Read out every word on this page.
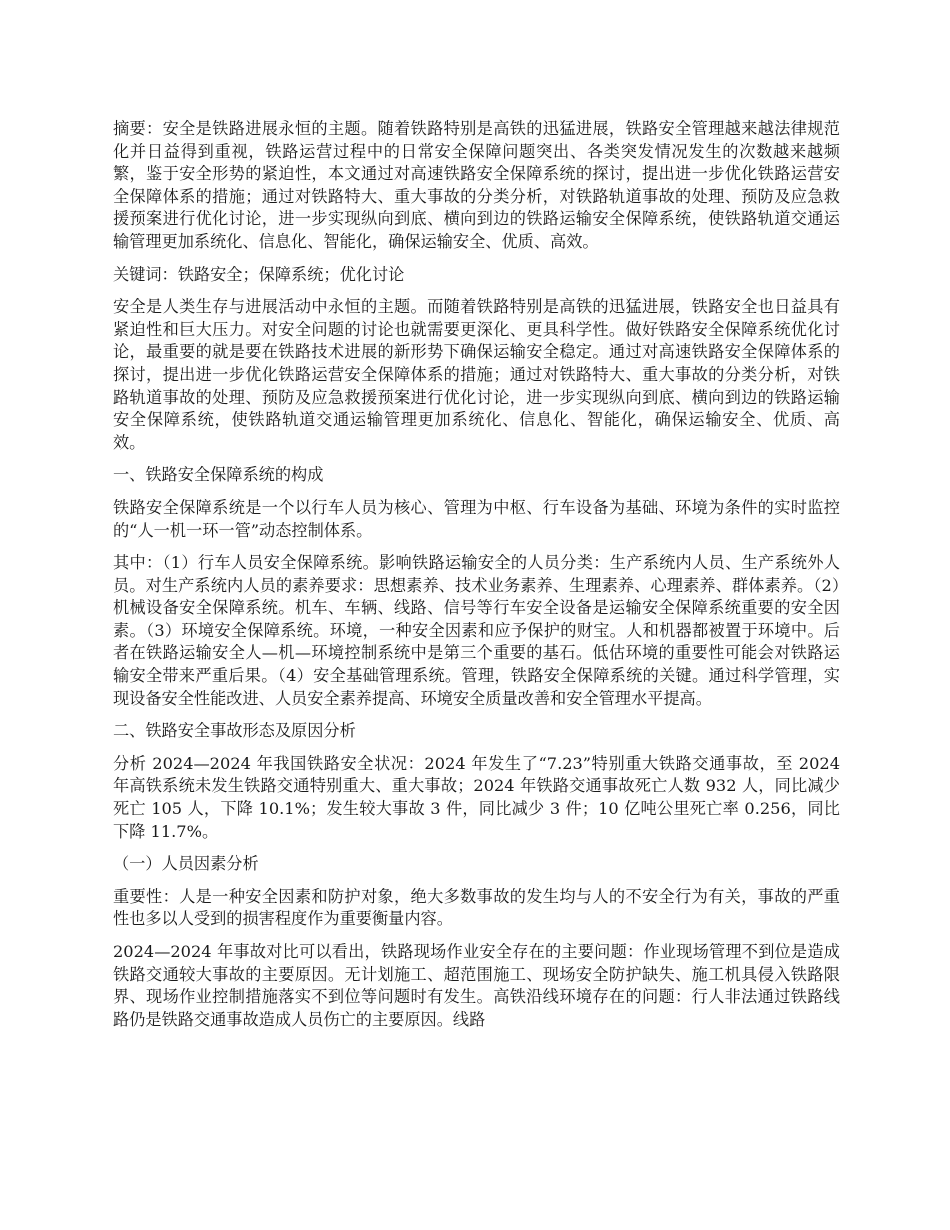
摘要：安全是铁路进展永恒的主题。随着铁路特别是高铁的迅猛进展，铁路安全管理越来越法律规范化并日益得到重视，铁路运营过程中的日常安全保障问题突出、各类突发情况发生的次数越来越频繁，鉴于安全形势的紧迫性，本文通过对高速铁路安全保障系统的探讨，提出进一步优化铁路运营安全保障体系的措施；通过对铁路特大、重大事故的分类分析，对铁路轨道事故的处理、预防及应急救援预案进行优化讨论，进一步实现纵向到底、横向到边的铁路运输安全保障系统，使铁路轨道交通运输管理更加系统化、信息化、智能化，确保运输安全、优质、高效。

关键词：铁路安全；保障系统；优化讨论

安全是人类生存与进展活动中永恒的主题。而随着铁路特别是高铁的迅猛进展，铁路安全也日益具有紧迫性和巨大压力。对安全问题的讨论也就需要更深化、更具科学性。做好铁路安全保障系统优化讨论，最重要的就是要在铁路技术进展的新形势下确保运输安全稳定。通过对高速铁路安全保障体系的探讨，提出进一步优化铁路运营安全保障体系的措施；通过对铁路特大、重大事故的分类分析，对铁路轨道事故的处理、预防及应急救援预案进行优化讨论，进一步实现纵向到底、横向到边的铁路运输安全保障系统，使铁路轨道交通运输管理更加系统化、信息化、智能化，确保运输安全、优质、高效。

一、铁路安全保障系统的构成

铁路安全保障系统是一个以行车人员为核心、管理为中枢、行车设备为基础、环境为条件的实时监控的“人一机一环一管”动态控制体系。

其中：（1）行车人员安全保障系统。影响铁路运输安全的人员分类：生产系统内人员、生产系统外人员。对生产系统内人员的素养要求：思想素养、技术业务素养、生理素养、心理素养、群体素养。（2）机械设备安全保障系统。机车、车辆、线路、信号等行车安全设备是运输安全保障系统重要的安全因素。（3）环境安全保障系统。环境，一种安全因素和应予保护的财宝。人和机器都被置于环境中。后者在铁路运输安全人—机—环境控制系统中是第三个重要的基石。低估环境的重要性可能会对铁路运输安全带来严重后果。（4）安全基础管理系统。管理，铁路安全保障系统的关键。通过科学管理，实现设备安全性能改进、人员安全素养提高、环境安全质量改善和安全管理水平提高。

二、铁路安全事故形态及原因分析

分析 2024—2024 年我国铁路安全状况：2024 年发生了“7.23”特别重大铁路交通事故，至 2024 年高铁系统未发生铁路交通特别重大、重大事故；2024 年铁路交通事故死亡人数 932 人，同比减少死亡 105 人，下降 10.1%；发生较大事故 3 件，同比减少 3 件；10 亿吨公里死亡率 0.256，同比下降 11.7%。

（一）人员因素分析

重要性：人是一种安全因素和防护对象，绝大多数事故的发生均与人的不安全行为有关，事故的严重性也多以人受到的损害程度作为重要衡量内容。

2024—2024 年事故对比可以看出，铁路现场作业安全存在的主要问题：作业现场管理不到位是造成铁路交通较大事故的主要原因。无计划施工、超范围施工、现场安全防护缺失、施工机具侵入铁路限界、现场作业控制措施落实不到位等问题时有发生。高铁沿线环境存在的问题：行人非法通过铁路线路仍是铁路交通事故造成人员伤亡的主要原因。线路
